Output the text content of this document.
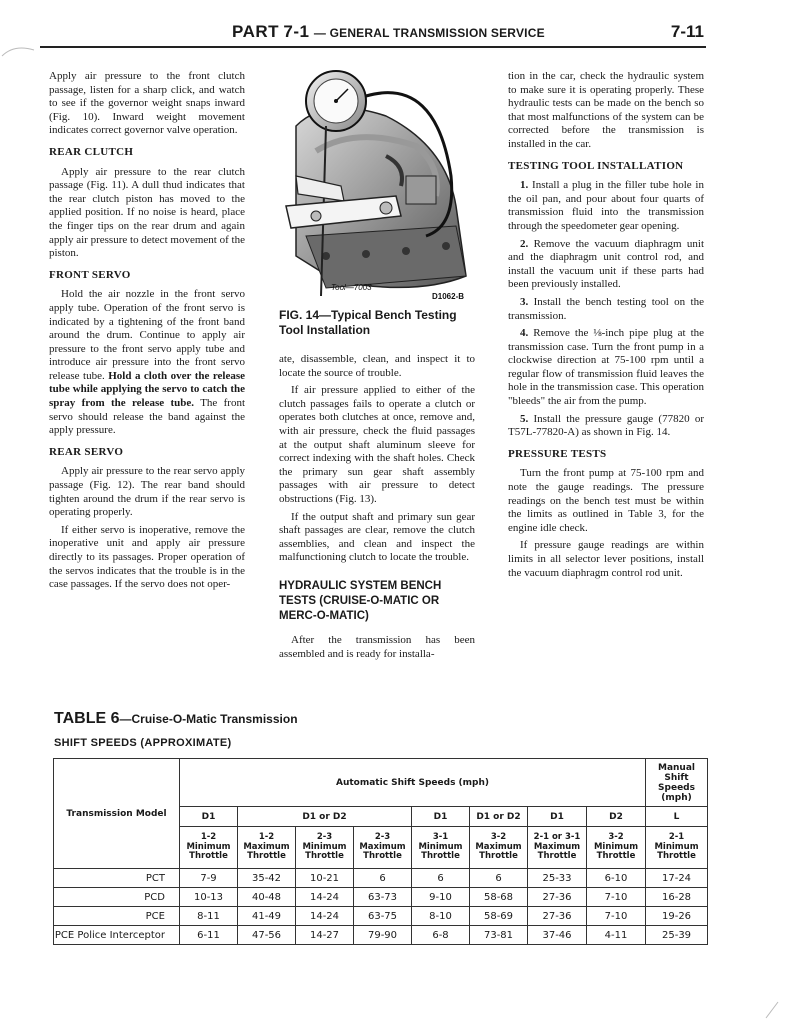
PART 7-1 — GENERAL TRANSMISSION SERVICE	7-11

Apply air pressure to the front clutch passage, listen for a sharp click, and watch to see if the governor weight snaps inward (Fig. 10). Inward weight movement indicates correct governor valve operation.

REAR CLUTCH

Apply air pressure to the rear clutch passage (Fig. 11). A dull thud indicates that the rear clutch piston has moved to the applied position. If no noise is heard, place the finger tips on the rear drum and again apply air pressure to detect movement of the piston.

FRONT SERVO

Hold the air nozzle in the front servo apply tube. Operation of the front servo is indicated by a tightening of the front band around the drum. Continue to apply air pressure to the front servo apply tube and introduce air pressure into the front servo release tube. Hold a cloth over the release tube while applying the servo to catch the spray from the release tube. The front servo should release the band against the apply pressure.

REAR SERVO

Apply air pressure to the rear servo apply passage (Fig. 12). The rear band should tighten around the drum if the rear servo is operating properly.

If either servo is inoperative, remove the inoperative unit and apply air pressure directly to its passages. Proper operation of the servos indicates that the trouble is in the case passages. If the servo does not oper-

Tool—7003
D1062-B
FIG. 14—Typical Bench Testing Tool Installation

ate, disassemble, clean, and inspect it to locate the source of trouble.

If air pressure applied to either of the clutch passages fails to operate a clutch or operates both clutches at once, remove and, with air pressure, check the fluid passages at the output shaft aluminum sleeve for correct indexing with the shaft holes. Check the primary sun gear shaft assembly passages with air pressure to detect obstructions (Fig. 13).

If the output shaft and primary sun gear shaft passages are clear, remove the clutch assemblies, and clean and inspect the malfunctioning clutch to locate the trouble.

HYDRAULIC SYSTEM BENCH TESTS (CRUISE-O-MATIC OR MERC-O-MATIC)

After the transmission has been assembled and is ready for installa-

tion in the car, check the hydraulic system to make sure it is operating properly. These hydraulic tests can be made on the bench so that most malfunctions of the system can be corrected before the transmission is installed in the car.

TESTING TOOL INSTALLATION

1. Install a plug in the filler tube hole in the oil pan, and pour about four quarts of transmission fluid into the transmission through the speedometer gear opening.

2. Remove the vacuum diaphragm unit and the diaphragm unit control rod, and install the vacuum unit if these parts had been previously installed.

3. Install the bench testing tool on the transmission.

4. Remove the ⅛-inch pipe plug at the transmission case. Turn the front pump in a clockwise direction at 75-100 rpm until a regular flow of transmission fluid leaves the hole in the transmission case. This operation "bleeds" the air from the pump.

5. Install the pressure gauge (77820 or T57L-77820-A) as shown in Fig. 14.

PRESSURE TESTS

Turn the front pump at 75-100 rpm and note the gauge readings. The pressure readings on the bench test must be within the limits as outlined in Table 3, for the engine idle check.

If pressure gauge readings are within limits in all selector lever positions, install the vacuum diaphragm control rod unit.

TABLE 6—Cruise-O-Matic Transmission
SHIFT SPEEDS (APPROXIMATE)
Transmission Model	Automatic Shift Speeds (mph)								Manual Shift Speeds (mph)
	D1	D1 or D2			D1	D1 or D2	D1	D2	L
	1-2 Minimum Throttle	1-2 Maximum Throttle	2-3 Minimum Throttle	2-3 Maximum Throttle	3-1 Minimum Throttle	3-2 Maximum Throttle	2-1 or 3-1 Maximum Throttle	3-2 Minimum Throttle	2-1 Minimum Throttle
PCT	7-9	35-42	10-21	6	6	6	25-33	6-10	17-24
PCD	10-13	40-48	14-24	63-73	9-10	58-68	27-36	7-10	16-28
PCE	8-11	41-49	14-24	63-75	8-10	58-69	27-36	7-10	19-26
PCE Police Interceptor	6-11	47-56	14-27	79-90	6-8	73-81	37-46	4-11	25-39
